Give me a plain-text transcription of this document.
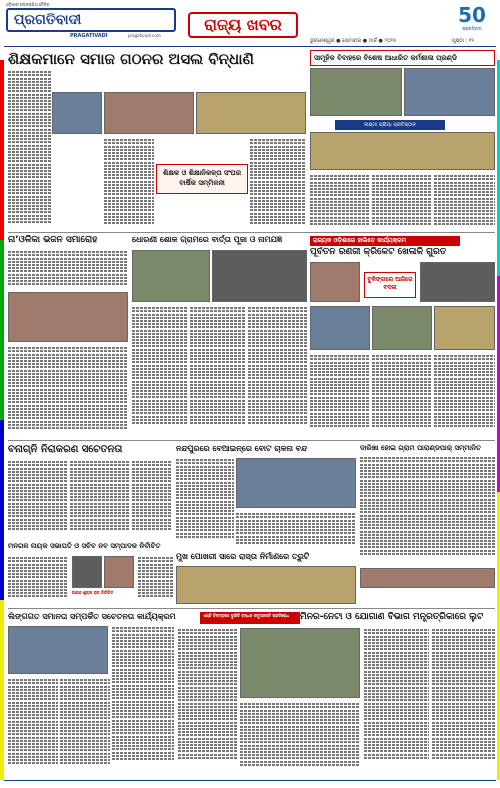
ଓଡ଼ିଶାର ଲୋକପ୍ରିୟ ଦୈନିକ
ପ୍ରଗତିବାଦୀ
PRAGATIVADI	pragativadi.com
ରାଜ୍ୟ ଖବର	50
ପ୍ରଗତିବାଦୀ
ଭୁବନେଶ୍ୱର ● ସୋମବାର ● ମାର୍ଚ୍ଚ ● ୨୦୨୫	ପୃଷ୍ଠା : ୧୧
ଶିକ୍ଷକମାନେ ସମାଜ ଗଠନର ଅସଲ ବିନ୍ଧାଣି
ଶିକ୍ଷକ ଓ ଶିକ୍ଷାନିକଳ୍ପ ସଂଘର ବାର୍ଷିକ ସମ୍ମିଳନୀ
ସାମୂହିକ ବିବାହରେ ବିଶେଷ ଆଧାରିତ କର୍ମଶାଳା ପ୍ରଣ୍ଡି
ଲକ୍ଷ୍ମୀ ପ୍ରିୟା ପ୍ରତିଷ୍ଠାନ
ନା’ଓଳିକା ଭଜନ ସମାରୋହ	ଧୋରଣୀ ଶୋଳ ଗ୍ରାମରେ ବାର୍ତ୍ତା ପୂଜା ଓ ନାମଯଜ୍ଞ	ରାଜ୍ୟକ ଓଡ଼ିଶାରେ ହାଲିଡ଼େ କାର୍ଯ୍ୟକ୍ରମ
ପୂର୍ବତନ ରଣଜୀ କ୍ରିକେଟ ଖେଳାଳି ଗୁରତ
ବୁକିଙ୍ଗରେ ଆଜିରେ ବଦଳା
ବନାଗ୍ନି ନିରାକରଣ ସଚେତନତା	ନନ୍ଦପୁରରେ ବେଆଇନ୍ରେ ବୋଟ ଚାଳନା ବନ୍ଦ	ଦାରିଖା ହୋଇ ଗ୍ରାମ ପାରାଣ୍ଡପାର୍ ସମ୍ମାନିତ
ମନଗଳ ନାୟକ ସଭାପତି ଓ ସଚିବ ନବ ସମ୍ପାଦକ ନିର୍ବାଚିତ
ଆନନ୍ଦ ଶୁକ୍ଳା ରାଜ ନିର୍ବାଚିତ
ମୁଖ ପୋଖରୀ ସାରେ ରାସ୍ତା ନିର୍ମାଣରେ ତ୍ରୁଟି
ଲିଙ୍ଗଗତ ସମାନତା ସମ୍ପର୍କିତ ସଚେତନତା କାର୍ଯ୍ୟକ୍ରମ	ଏଣ୍ଟି ବିଳମ୍ବରେ ଦୁର୍ନୀତି ବନ୍ଧନ ସମୁଦ୍ରପତି ପ୍ରତିରୋଧ	ମିନର-ନେଟା ଓ ଯୋଗାଣ ବିଭାଗ ମନ୍ତ୍ରତ୍ରିକାରେ ଲୁଟ
